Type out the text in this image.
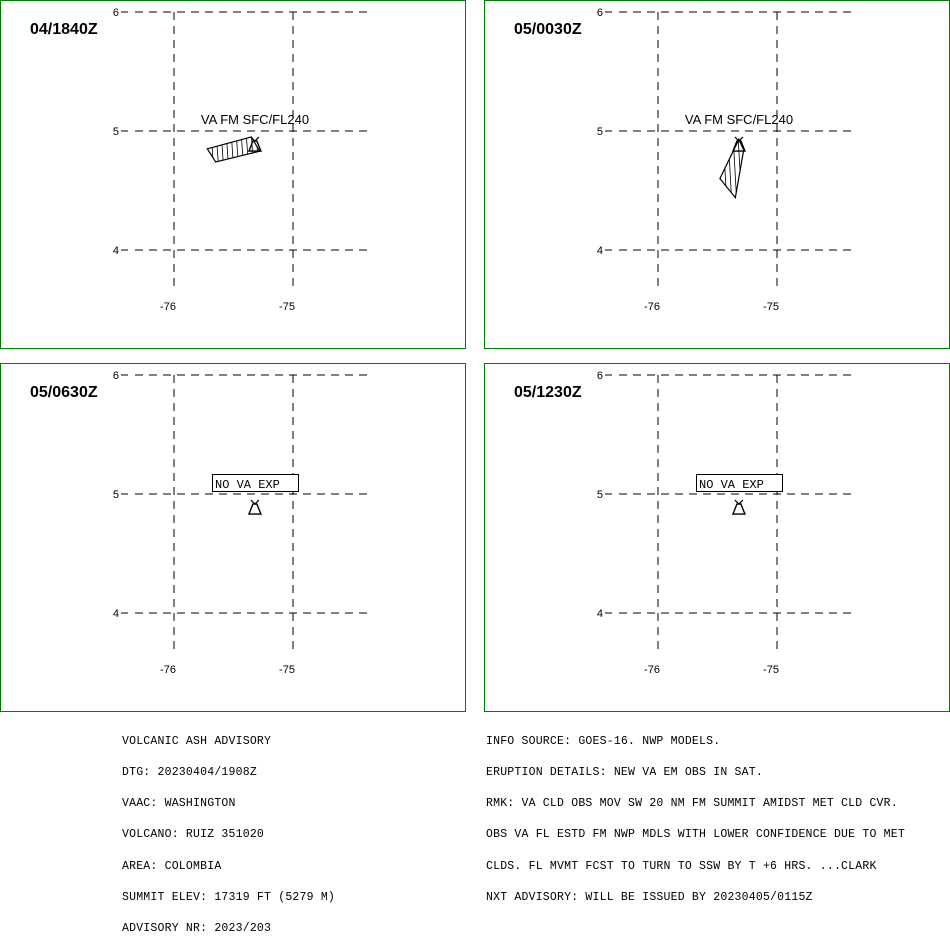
6
5
4
-76	-75
04/1840Z
VA FM SFC/FL240
6
5
4
-76	-75
05/0030Z
VA FM SFC/FL240
6
5
4
-76	-75
05/0630Z
NO VA EXP
6
5
4
-76	-75
05/1230Z
NO VA EXP

VOLCANIC ASH ADVISORY

DTG: 20230404/1908Z

VAAC: WASHINGTON

VOLCANO: RUIZ 351020

AREA: COLOMBIA

SUMMIT ELEV: 17319 FT (5279 M)

ADVISORY NR: 2023/203

INFO SOURCE: GOES-16. NWP MODELS.

ERUPTION DETAILS: NEW VA EM OBS IN SAT.

RMK: VA CLD OBS MOV SW 20 NM FM SUMMIT AMIDST MET CLD CVR.

OBS VA FL ESTD FM NWP MDLS WITH LOWER CONFIDENCE DUE TO MET

CLDS. FL MVMT FCST TO TURN TO SSW BY T +6 HRS. ...CLARK

NXT ADVISORY: WILL BE ISSUED BY 20230405/0115Z
